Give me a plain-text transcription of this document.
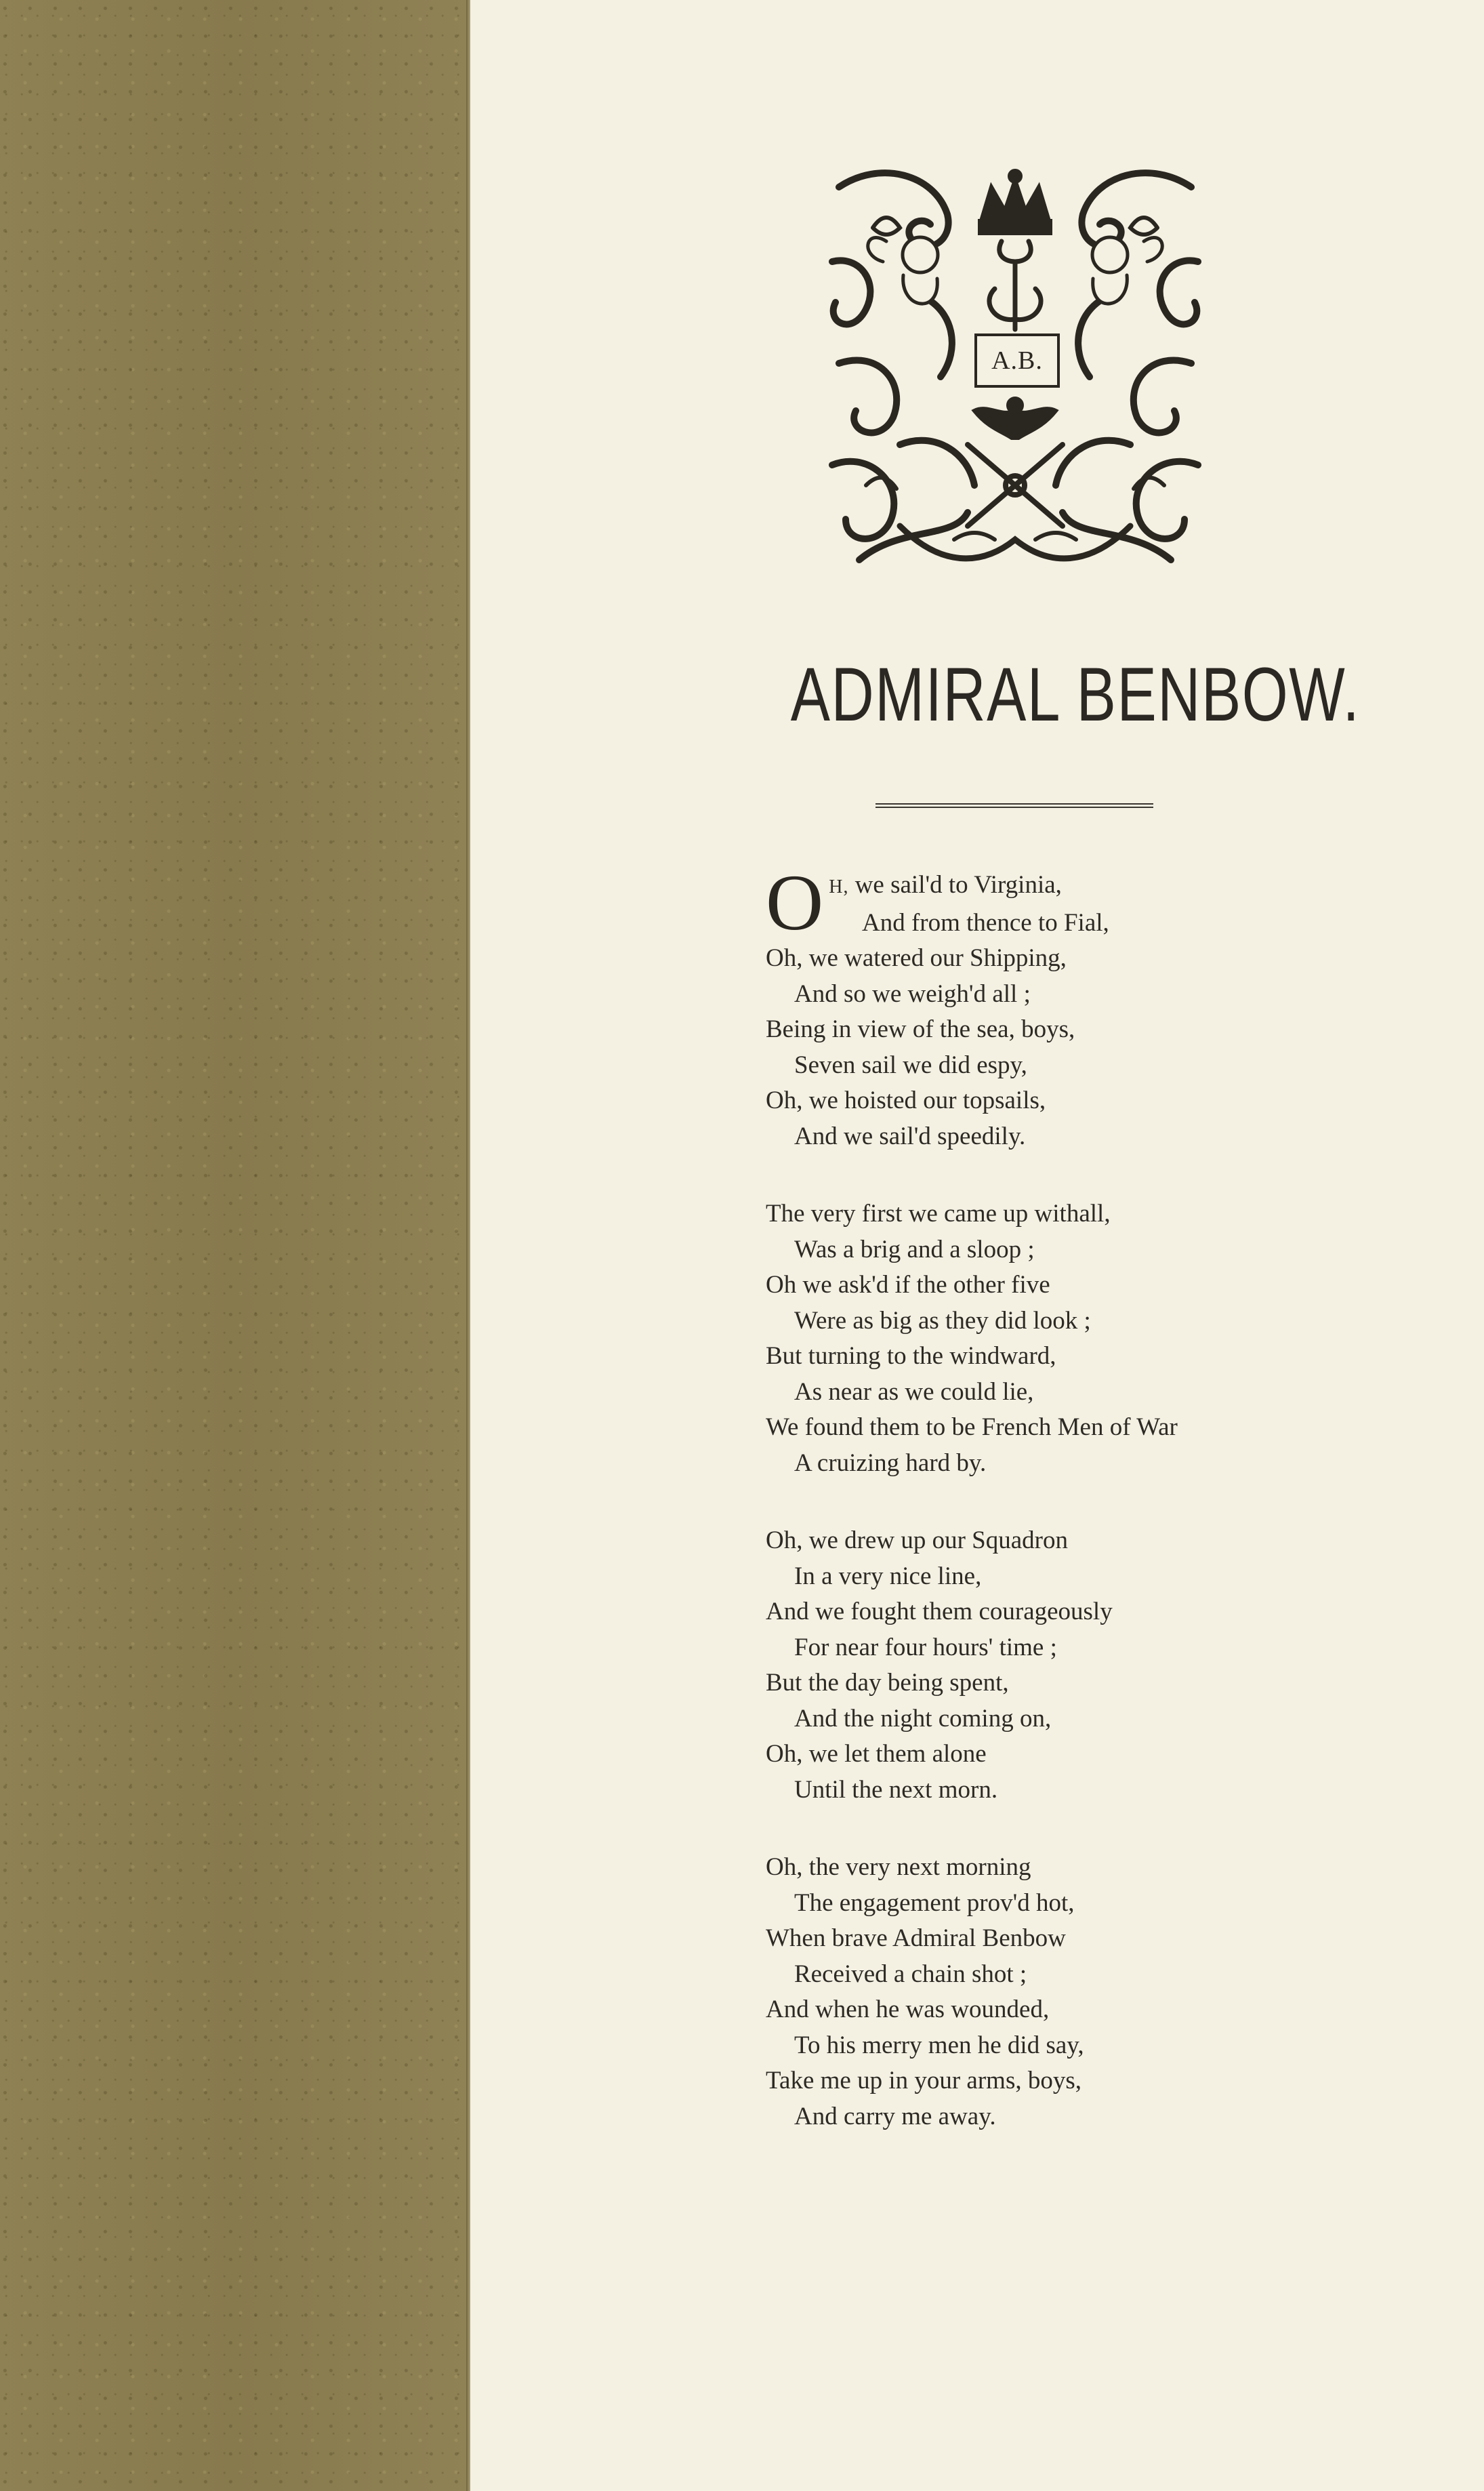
A.B.
ADMIRAL BENBOW.
O H, we sail'd to Virginia,
And from thence to Fial,
Oh, we watered our Shipping,
And so we weigh'd all ;
Being in view of the sea, boys,
Seven sail we did espy,
Oh, we hoisted our topsails,
And we sail'd speedily.
The very first we came up withall,
Was a brig and a sloop ;
Oh we ask'd if the other five
Were as big as they did look ;
But turning to the windward,
As near as we could lie,
We found them to be French Men of War
A cruizing hard by.
Oh, we drew up our Squadron
In a very nice line,
And we fought them courageously
For near four hours' time ;
But the day being spent,
And the night coming on,
Oh, we let them alone
Until the next morn.
Oh, the very next morning
The engagement prov'd hot,
When brave Admiral Benbow
Received a chain shot ;
And when he was wounded,
To his merry men he did say,
Take me up in your arms, boys,
And carry me away.
